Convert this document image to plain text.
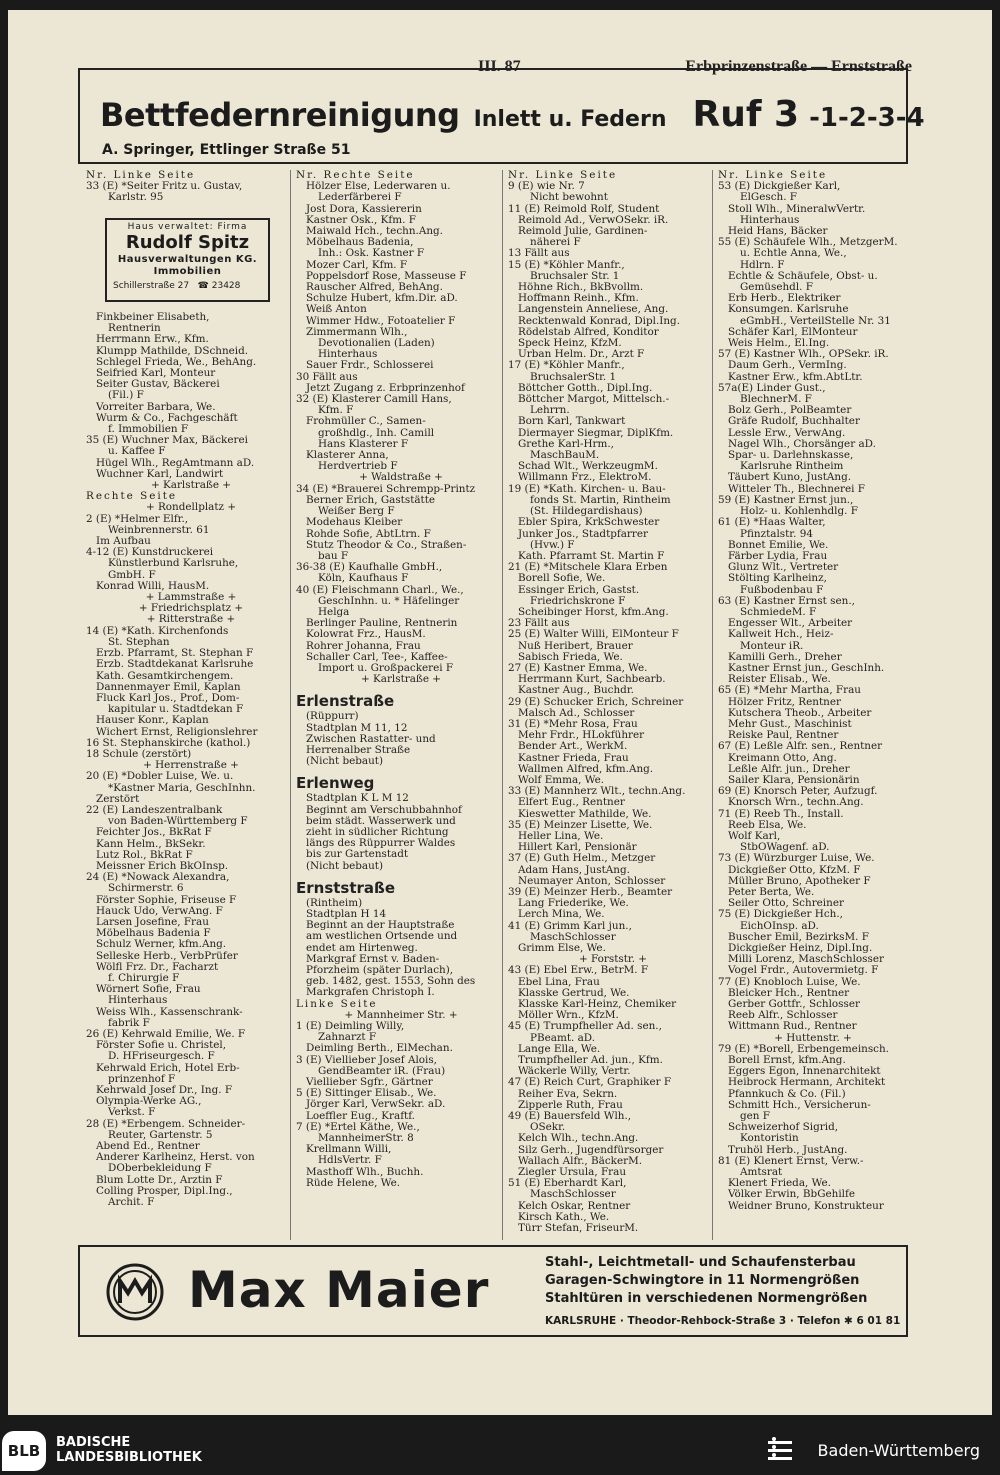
III. 87	Erbprinzenstraße — Ernststraße
Bettfedernreinigung Inlett u. Federn Ruf 3 -1-2-3-4
A. Springer, Ettlinger Straße 51
Nr. Linke Seite
33 (E) *Seiter Fritz u. Gustav,
Karlstr. 95
Haus verwaltet: Firma
Rudolf Spitz
Hausverwaltungen KG.
Immobilien
Schillerstraße 27 ☎ 23428
Finkbeiner Elisabeth,
Rentnerin
Herrmann Erw., Kfm.
Klumpp Mathilde, DSchneid.
Schlegel Frieda, We., BehAng.
Seifried Karl, Monteur
Seiter Gustav, Bäckerei
(Fil.) F
Vorreiter Barbara, We.
Wurm & Co., Fachgeschäft
f. Immobilien F
35 (E) Wuchner Max, Bäckerei
u. Kaffee F
Hügel Wlh., RegAmtmann aD.
Wuchner Karl, Landwirt
+ Karlstraße +
Rechte Seite
+ Rondellplatz +
2 (E) *Helmer Elfr.,
Weinbrennerstr. 61
Im Aufbau
4-12 (E) Kunstdruckerei
Künstlerbund Karlsruhe,
GmbH. F
Konrad Willi, HausM.
+ Lammstraße +
+ Friedrichsplatz +
+ Ritterstraße +
14 (E) *Kath. Kirchenfonds
St. Stephan
Erzb. Pfarramt, St. Stephan F
Erzb. Stadtdekanat Karlsruhe
Kath. Gesamtkirchengem.
Dannenmayer Emil, Kaplan
Fluck Karl Jos., Prof., Dom-
kapitular u. Stadtdekan F
Hauser Konr., Kaplan
Wichert Ernst, Religionslehrer
16 St. Stephanskirche (kathol.)
18 Schule (zerstört)
+ Herrenstraße +
20 (E) *Dobler Luise, We. u.
*Kastner Maria, GeschInhn.
Zerstört
22 (E) Landeszentralbank
von Baden-Württemberg F
Feichter Jos., BkRat F
Kann Helm., BkSekr.
Lutz Rol., BkRat F
Meissner Erich BkOInsp.
24 (E) *Nowack Alexandra,
Schirmerstr. 6
Förster Sophie, Friseuse F
Hauck Udo, VerwAng. F
Larsen Josefine, Frau
Möbelhaus Badenia F
Schulz Werner, kfm.Ang.
Selleske Herb., VerbPrüfer
Wölfl Frz. Dr., Facharzt
f. Chirurgie F
Wörnert Sofie, Frau
Hinterhaus
Weiss Wlh., Kassenschrank-
fabrik F
26 (E) Kehrwald Emilie, We. F
Förster Sofie u. Christel,
D. HFriseurgesch. F
Kehrwald Erich, Hotel Erb-
prinzenhof F
Kehrwald Josef Dr., Ing. F
Olympia-Werke AG.,
Verkst. F
28 (E) *Erbengem. Schneider-
Reuter, Gartenstr. 5
Abend Ed., Rentner
Anderer Karlheinz, Herst. von
DOberbekleidung F
Blum Lotte Dr., Ärztin F
Colling Prosper, Dipl.Ing.,
Archit. F
Nr. Rechte Seite
Hölzer Else, Lederwaren u.
Lederfärberei F
Jost Dora, Kassiererin
Kastner Osk., Kfm. F
Maiwald Hch., techn.Ang.
Möbelhaus Badenia,
Inh.: Osk. Kastner F
Mozer Carl, Kfm. F
Poppelsdorf Rose, Masseuse F
Rauscher Alfred, BehAng.
Schulze Hubert, kfm.Dir. aD.
Weiß Anton
Wimmer Hdw., Fotoatelier F
Zimmermann Wlh.,
Devotionalien (Laden)
Hinterhaus
Sauer Frdr., Schlosserei
30 Fällt aus
Jetzt Zugang z. Erbprinzenhof
32 (E) Klasterer Camill Hans,
Kfm. F
Frohmüller C., Samen-
großhdlg., Inh. Camill
Hans Klasterer F
Klasterer Anna,
Herdvertrieb F
+ Waldstraße +
34 (E) *Brauerei Schrempp-Printz
Berner Erich, Gaststätte
Weißer Berg F
Modehaus Kleiber
Rohde Sofie, AbtLtrn. F
Stutz Theodor & Co., Straßen-
bau F
36-38 (E) Kaufhalle GmbH.,
Köln, Kaufhaus F
40 (E) Fleischmann Charl., We.,
GeschInhn. u. * Häfelinger
Helga
Berlinger Pauline, Rentnerin
Kolowrat Frz., HausM.
Rohrer Johanna, Frau
Schaller Carl, Tee-, Kaffee-
Import u. Großpackerei F
+ Karlstraße +
Erlenstraße
(Rüppurr)
Stadtplan M 11, 12
Zwischen Rastatter- und
Herrenalber Straße
(Nicht bebaut)
Erlenweg
Stadtplan K L M 12
Beginnt am Verschubbahnhof
beim städt. Wasserwerk und
zieht in südlicher Richtung
längs des Rüppurrer Waldes
bis zur Gartenstadt
(Nicht bebaut)
Ernststraße
(Rintheim)
Stadtplan H 14
Beginnt an der Hauptstraße
am westlichen Ortsende und
endet am Hirtenweg.
Markgraf Ernst v. Baden-
Pforzheim (später Durlach),
geb. 1482, gest. 1553, Sohn des
Markgrafen Christoph I.
Linke Seite
+ Mannheimer Str. +
1 (E) Deimling Willy,
Zahnarzt F
Deimling Berth., ElMechan.
3 (E) Viellieber Josef Alois,
GendBeamter iR. (Frau)
Viellieber Sgfr., Gärtner
5 (E) Sittinger Elisab., We.
Jörger Karl, VerwSekr. aD.
Loeffler Eug., Kraftf.
7 (E) *Ertel Käthe, We.,
MannheimerStr. 8
Krellmann Willi,
HdlsVertr. F
Masthoff Wlh., Buchh.
Rüde Helene, We.
Nr. Linke Seite
9 (E) wie Nr. 7
Nicht bewohnt
11 (E) Reimold Rolf, Student
Reimold Ad., VerwOSekr. iR.
Reimold Julie, Gardinen-
näherei F
13 Fällt aus
15 (E) *Köhler Manfr.,
Bruchsaler Str. 1
Höhne Rich., BkBvollm.
Hoffmann Reinh., Kfm.
Langenstein Anneliese, Ang.
Recktenwald Konrad, Dipl.Ing.
Rödelstab Alfred, Konditor
Speck Heinz, KfzM.
Urban Helm. Dr., Arzt F
17 (E) *Köhler Manfr.,
BruchsalerStr. 1
Böttcher Gotth., Dipl.Ing.
Böttcher Margot, Mittelsch.-
Lehrrn.
Born Karl, Tankwart
Diermayer Siegmar, DiplKfm.
Grethe Karl-Hrm.,
MaschBauM.
Schad Wlt., WerkzeugmM.
Willmann Frz., ElektroM.
19 (E) *Kath. Kirchen- u. Bau-
fonds St. Martin, Rintheim
(St. Hildegardishaus)
Ebler Spira, KrkSchwester
Junker Jos., Stadtpfarrer
(Hvw.) F
Kath. Pfarramt St. Martin F
21 (E) *Mitschele Klara Erben
Borell Sofie, We.
Essinger Erich, Gastst.
Friedrichskrone F
Scheibinger Horst, kfm.Ang.
23 Fällt aus
25 (E) Walter Willi, ElMonteur F
Nuß Heribert, Brauer
Sabisch Frieda, We.
27 (E) Kastner Emma, We.
Herrmann Kurt, Sachbearb.
Kastner Aug., Buchdr.
29 (E) Schucker Erich, Schreiner
Malsch Ad., Schlosser
31 (E) *Mehr Rosa, Frau
Mehr Frdr., HLokführer
Bender Art., WerkM.
Kastner Frieda, Frau
Wallmen Alfred, kfm.Ang.
Wolf Emma, We.
33 (E) Mannherz Wlt., techn.Ang.
Elfert Eug., Rentner
Kieswetter Mathilde, We.
35 (E) Meinzer Lisette, We.
Heller Lina, We.
Hillert Karl, Pensionär
37 (E) Guth Helm., Metzger
Adam Hans, JustAng.
Neumayer Anton, Schlosser
39 (E) Meinzer Herb., Beamter
Lang Friederike, We.
Lerch Mina, We.
41 (E) Grimm Karl jun.,
MaschSchlosser
Grimm Else, We.
+ Forststr. +
43 (E) Ebel Erw., BetrM. F
Ebel Lina, Frau
Klasske Gertrud, We.
Klasske Karl-Heinz, Chemiker
Möller Wrn., KfzM.
45 (E) Trumpfheller Ad. sen.,
PBeamt. aD.
Lange Ella, We.
Trumpfheller Ad. jun., Kfm.
Wäckerle Willy, Vertr.
47 (E) Reich Curt, Graphiker F
Reiher Eva, Sekrn.
Zipperle Ruth, Frau
49 (E) Bauersfeld Wlh.,
OSekr.
Kelch Wlh., techn.Ang.
Silz Gerh., Jugendfürsorger
Wallach Alfr., BäckerM.
Ziegler Ursula, Frau
51 (E) Eberhardt Karl,
MaschSchlosser
Kelch Oskar, Rentner
Kirsch Kath., We.
Türr Stefan, FriseurM.
Nr. Linke Seite
53 (E) Dickgießer Karl,
ElGesch. F
Stoll Wlh., MineralwVertr.
Hinterhaus
Heid Hans, Bäcker
55 (E) Schäufele Wlh., MetzgerM.
u. Echtle Anna, We.,
Hdlrn. F
Echtle & Schäufele, Obst- u.
Gemüsehdl. F
Erb Herb., Elektriker
Konsumgen. Karlsruhe
eGmbH., VerteilStelle Nr. 31
Schäfer Karl, ElMonteur
Weis Helm., El.Ing.
57 (E) Kastner Wlh., OPSekr. iR.
Daum Gerh., VermIng.
Kastner Erw., kfm.AbtLtr.
57a(E) Linder Gust.,
BlechnerM. F
Bolz Gerh., PolBeamter
Gräfe Rudolf, Buchhalter
Lessle Erw., VerwAng.
Nagel Wlh., Chorsänger aD.
Spar- u. Darlehnskasse,
Karlsruhe Rintheim
Täubert Kuno, JustAng.
Witteler Th., Blechnerei F
59 (E) Kastner Ernst jun.,
Holz- u. Kohlenhdlg. F
61 (E) *Haas Walter,
Pfinztalstr. 94
Bonnet Emilie, We.
Färber Lydia, Frau
Glunz Wlt., Vertreter
Stölting Karlheinz,
Fußbodenbau F
63 (E) Kastner Ernst sen.,
SchmiedeM. F
Engesser Wlt., Arbeiter
Kallweit Hch., Heiz-
Monteur iR.
Kamilli Gerh., Dreher
Kastner Ernst jun., GeschInh.
Reister Elisab., We.
65 (E) *Mehr Martha, Frau
Hölzer Fritz, Rentner
Kutschera Theob., Arbeiter
Mehr Gust., Maschinist
Reiske Paul, Rentner
67 (E) Leßle Alfr. sen., Rentner
Kreimann Otto, Ang.
Leßle Alfr. jun., Dreher
Sailer Klara, Pensionärin
69 (E) Knorsch Peter, Aufzugf.
Knorsch Wrn., techn.Ang.
71 (E) Reeb Th., Install.
Reeb Elsa, We.
Wolf Karl,
StbOWagenf. aD.
73 (E) Würzburger Luise, We.
Dickgießer Otto, KfzM. F
Müller Bruno, Apotheker F
Peter Berta, We.
Seiler Otto, Schreiner
75 (E) Dickgießer Hch.,
EichOInsp. aD.
Buscher Emil, BezirksM. F
Dickgießer Heinz, Dipl.Ing.
Milli Lorenz, MaschSchlosser
Vogel Frdr., Autovermietg. F
77 (E) Knobloch Luise, We.
Bleicker Hch., Rentner
Gerber Gottfr., Schlosser
Reeb Alfr., Schlosser
Wittmann Rud., Rentner
+ Huttenstr. +
79 (E) *Borell, Erbengemeinsch.
Borell Ernst, kfm.Ang.
Eggers Egon, Innenarchitekt
Heibrock Hermann, Architekt
Pfannkuch & Co. (Fil.)
Schmitt Hch., Versicherun-
gen F
Schweizerhof Sigrid,
Kontoristin
Truhöl Herb., JustAng.
81 (E) Klenert Ernst, Verw.-
Amtsrat
Klenert Frieda, We.
Völker Erwin, BbGehilfe
Weidner Bruno, Konstrukteur
Max Maier	Stahl-, Leichtmetall- und Schaufensterbau
Garagen-Schwingtore in 11 Normengrößen
Stahltüren in verschiedenen Normengrößen
KARLSRUHE · Theodor-Rehbock-Straße 3 · Telefon ✱ 6 01 81
BLB	BADISCHE
LANDESBIBLIOTHEK	Baden-Württemberg
